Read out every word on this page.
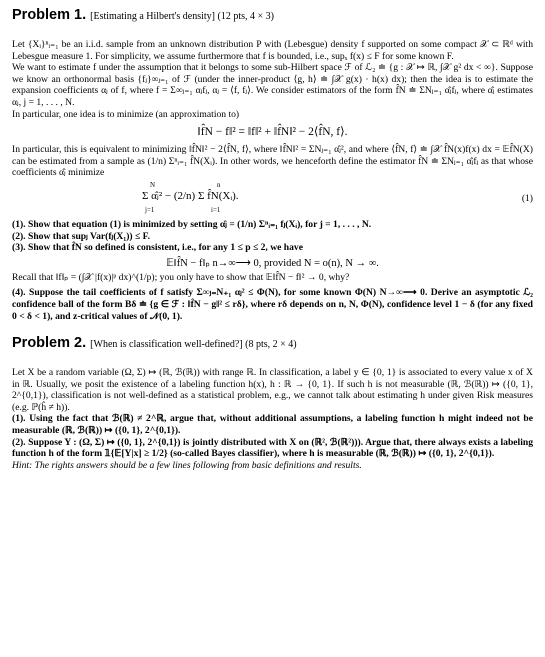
Problem 1. [Estimating a Hilbert's density] (12 pts, 4 × 3)

Let {Xᵢ}ⁿᵢ₌₁ be an i.i.d. sample from an unknown distribution P with (Lebesgue) density f supported on some compact 𝒳 ⊂ ℝᵈ with Lebesgue measure 1. For simplicity, we assume furthermore that f is bounded, i.e., supₓ f(x) ≤ F for some known F.

We want to estimate f under the assumption that it belongs to some sub-Hilbert space ℱ of ℒ₂ ≐ {g : 𝒳 ↦ ℝ, ∫𝒳 g² dx < ∞}. Suppose we know an orthonormal basis {fⱼ}∞ⱼ₌₁ of ℱ (under the inner-product ⟨g, h⟩ ≐ ∫𝒳 g(x) · h(x) dx); then the idea is to estimate the expansion coefficients αⱼ of f, where f = Σ∞ⱼ₌₁ αⱼfⱼ, αⱼ = ⟨f, fⱼ⟩. We consider estimators of the form f̂N ≐ ΣNⱼ₌₁ α̂ⱼfⱼ, where α̂ⱼ estimates αⱼ, j = 1, . . . , N.

In particular, one idea is to minimize (an approximation to)

‖f̂N − f‖² = ‖f‖² + ‖f̂N‖² − 2⟨f̂N, f⟩.

In particular, this is equivalent to minimizing ‖f̂N‖² − 2⟨f̂N, f⟩, where ‖f̂N‖² = ΣNⱼ₌₁ α̂ⱼ², and where ⟨f̂N, f⟩ ≐ ∫𝒳 f̂N(x)f(x) dx = 𝔼f̂N(X) can be estimated from a sample as (1/n) Σⁿᵢ₌₁ f̂N(Xᵢ). In other words, we henceforth define the estimator f̂N ≐ ΣNⱼ₌₁ α̂ⱼfⱼ as that whose coefficients α̂ⱼ minimize

N
j=1
n
i=1
Σ α̂ⱼ² − (2/n) Σ f̂N(Xᵢ).	(1)

(1). Show that equation (1) is minimized by setting α̂ⱼ = (1/n) Σⁿᵢ₌₁ fⱼ(Xᵢ), for j = 1, . . . , N.

(2). Show that supⱼ Var(fⱼ(X₁)) ≤ F.

(3). Show that f̂N so defined is consistent, i.e., for any 1 ≤ p ≤ 2, we have

𝔼‖f̂N − f‖ₚ n→∞⟶ 0, provided N = o(n), N → ∞.

Recall that ‖f‖ₚ = (∫𝒳 |f(x)|ᵖ dx)^(1/p); you only have to show that 𝔼‖f̂N − f‖² → 0, why?

(4). Suppose the tail coefficients of f satisfy Σ∞ⱼ₌N₊₁ αⱼ² ≤ Φ(N), for some known Φ(N) N→∞⟶ 0. Derive an asymptotic ℒ₂ confidence ball of the form Bδ ≐ {g ∈ ℱ : ‖f̂N − g‖² ≤ rδ}, where rδ depends on n, N, Φ(N), confidence level 1 − δ (for any fixed 0 < δ < 1), and z-critical values of 𝒩(0, 1).

Problem 2. [When is classification well-defined?] (8 pts, 2 × 4)

Let X be a random variable (Ω, Σ) ↦ (ℝ, ℬ(ℝ)) with range ℝ. In classification, a label y ∈ {0, 1} is associated to every value x of X in ℝ. Usually, we posit the existence of a labeling function h(x), h : ℝ → {0, 1}. If such h is not measurable (ℝ, ℬ(ℝ)) ↦ ({0, 1}, 2^{0,1}), classification is not well-defined as a statistical problem, e.g., we cannot talk about estimating h under given Risk measures (e.g. ℙ(ĥ ≠ h)).

(1). Using the fact that ℬ(ℝ) ≠ 2^ℝ, argue that, without additional assumptions, a labeling function h might indeed not be measurable (ℝ, ℬ(ℝ)) ↦ ({0, 1}, 2^{0,1}).

(2). Suppose Y : (Ω, Σ) ↦ ({0, 1}, 2^{0,1}) is jointly distributed with X on (ℝ², ℬ(ℝ²))). Argue that, there always exists a labeling function h of the form 𝟙{𝔼[Y|x] ≥ 1/2} (so-called Bayes classifier), where h is measurable (ℝ, ℬ(ℝ)) ↦ ({0, 1}, 2^{0,1}).

Hint: The rights answers should be a few lines following from basic definitions and results.
